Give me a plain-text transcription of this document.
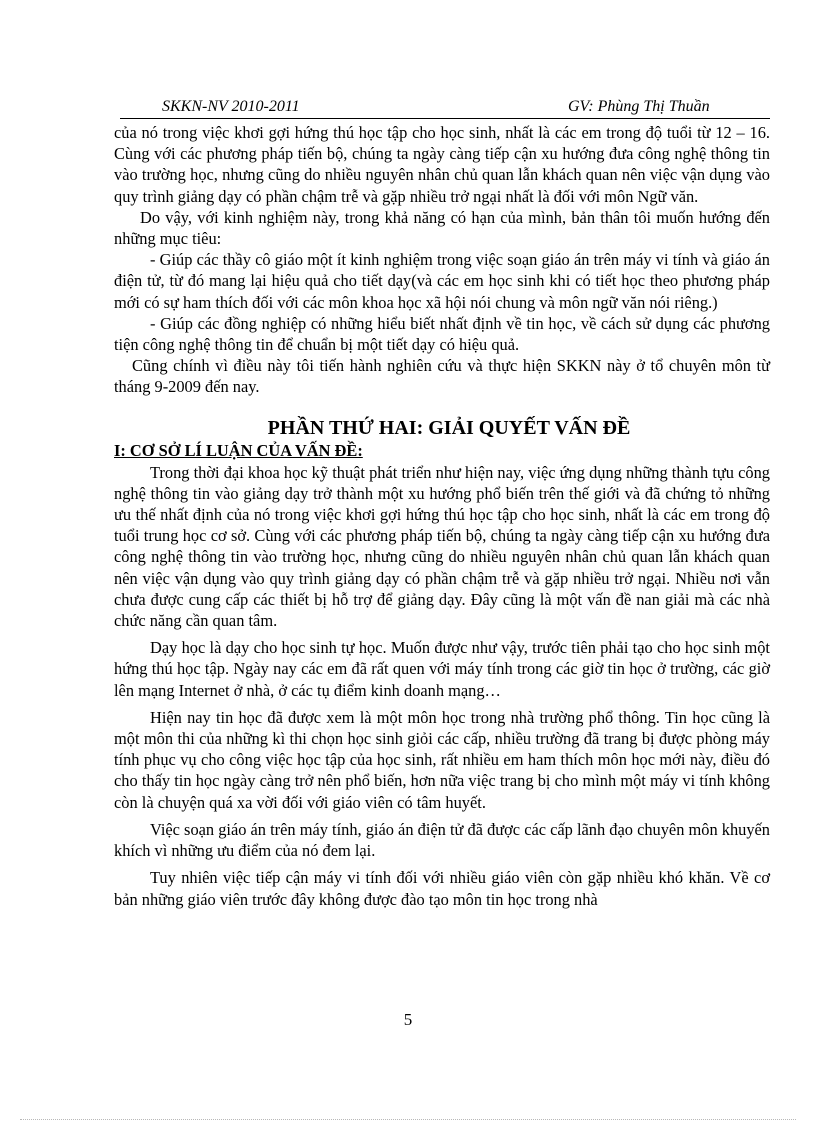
SKKN-NV 2010-2011	GV: Phùng Thị Thuần

của nó trong việc khơi gợi hứng thú học tập cho học sinh, nhất là các em trong độ tuổi từ 12 – 16. Cùng với các phương pháp tiến bộ, chúng ta ngày càng tiếp cận xu hướng đưa công nghệ thông tin vào trường học, nhưng cũng do nhiều nguyên nhân chủ quan lẫn khách quan nên việc vận dụng vào quy trình giảng dạy có phần chậm trễ và gặp nhiều trở ngại nhất là đối với môn Ngữ văn.

Do vậy, với kinh nghiệm này, trong khả năng có hạn của mình, bản thân tôi muốn hướng đến những mục tiêu:

- Giúp các thầy cô giáo một ít kinh nghiệm trong việc soạn giáo án trên máy vi tính và giáo án điện tử, từ đó mang lại hiệu quả cho tiết dạy(và các em học sinh khi có tiết học theo phương pháp mới có sự ham thích đối với các môn khoa học xã hội nói chung và môn ngữ văn nói riêng.)

- Giúp các đồng nghiệp có những hiểu biết nhất định về tin học, về cách sử dụng các phương tiện công nghệ thông tin để chuẩn bị một tiết dạy có hiệu quả.

Cũng chính vì điều này tôi tiến hành nghiên cứu và thực hiện SKKN này ở tổ chuyên môn từ tháng 9-2009 đến nay.

PHẦN THỨ HAI: GIẢI QUYẾT VẤN ĐỀ
I: CƠ SỞ LÍ LUẬN CỦA VẤN ĐỀ:

Trong thời đại khoa học kỹ thuật phát triển như hiện nay, việc ứng dụng những thành tựu công nghệ thông tin vào giảng dạy trở thành một xu hướng phổ biến trên thế giới và đã chứng tỏ những ưu thế nhất định của nó trong việc khơi gợi hứng thú học tập cho học sinh, nhất là các em trong độ tuổi trung học cơ sở. Cùng với các phương pháp tiến bộ, chúng ta ngày càng tiếp cận xu hướng đưa công nghệ thông tin vào trường học, nhưng cũng do nhiều nguyên nhân chủ quan lẫn khách quan nên việc vận dụng vào quy trình giảng dạy có phần chậm trễ và gặp nhiều trở ngại. Nhiều nơi vẫn chưa được cung cấp các thiết bị hỗ trợ để giảng dạy. Đây cũng là một vấn đề nan giải mà các nhà chức năng cần quan tâm.

Dạy học là dạy cho học sinh tự học. Muốn được như vậy, trước tiên phải tạo cho học sinh một hứng thú học tập. Ngày nay các em đã rất quen với máy tính trong các giờ tin học ở trường, các giờ lên mạng Internet ở nhà, ở các tụ điểm kinh doanh mạng…

Hiện nay tin học đã được xem là một môn học trong nhà trường phổ thông. Tin học cũng là một môn thi của những kì thi chọn học sinh giỏi các cấp, nhiều trường đã trang bị được phòng máy tính phục vụ cho công việc học tập của học sinh, rất nhiều em ham thích môn học mới này, điều đó cho thấy tin học ngày càng trở nên phổ biến, hơn nữa việc trang bị cho mình một máy vi tính không còn là chuyện quá xa vời đối với giáo viên có tâm huyết.

Việc soạn giáo án trên máy tính, giáo án điện tử đã được các cấp lãnh đạo chuyên môn khuyến khích vì những ưu điểm của nó đem lại.

Tuy nhiên việc tiếp cận máy vi tính đối với nhiều giáo viên còn gặp nhiều khó khăn. Về cơ bản những giáo viên trước đây không được đào tạo môn tin học trong nhà

5
